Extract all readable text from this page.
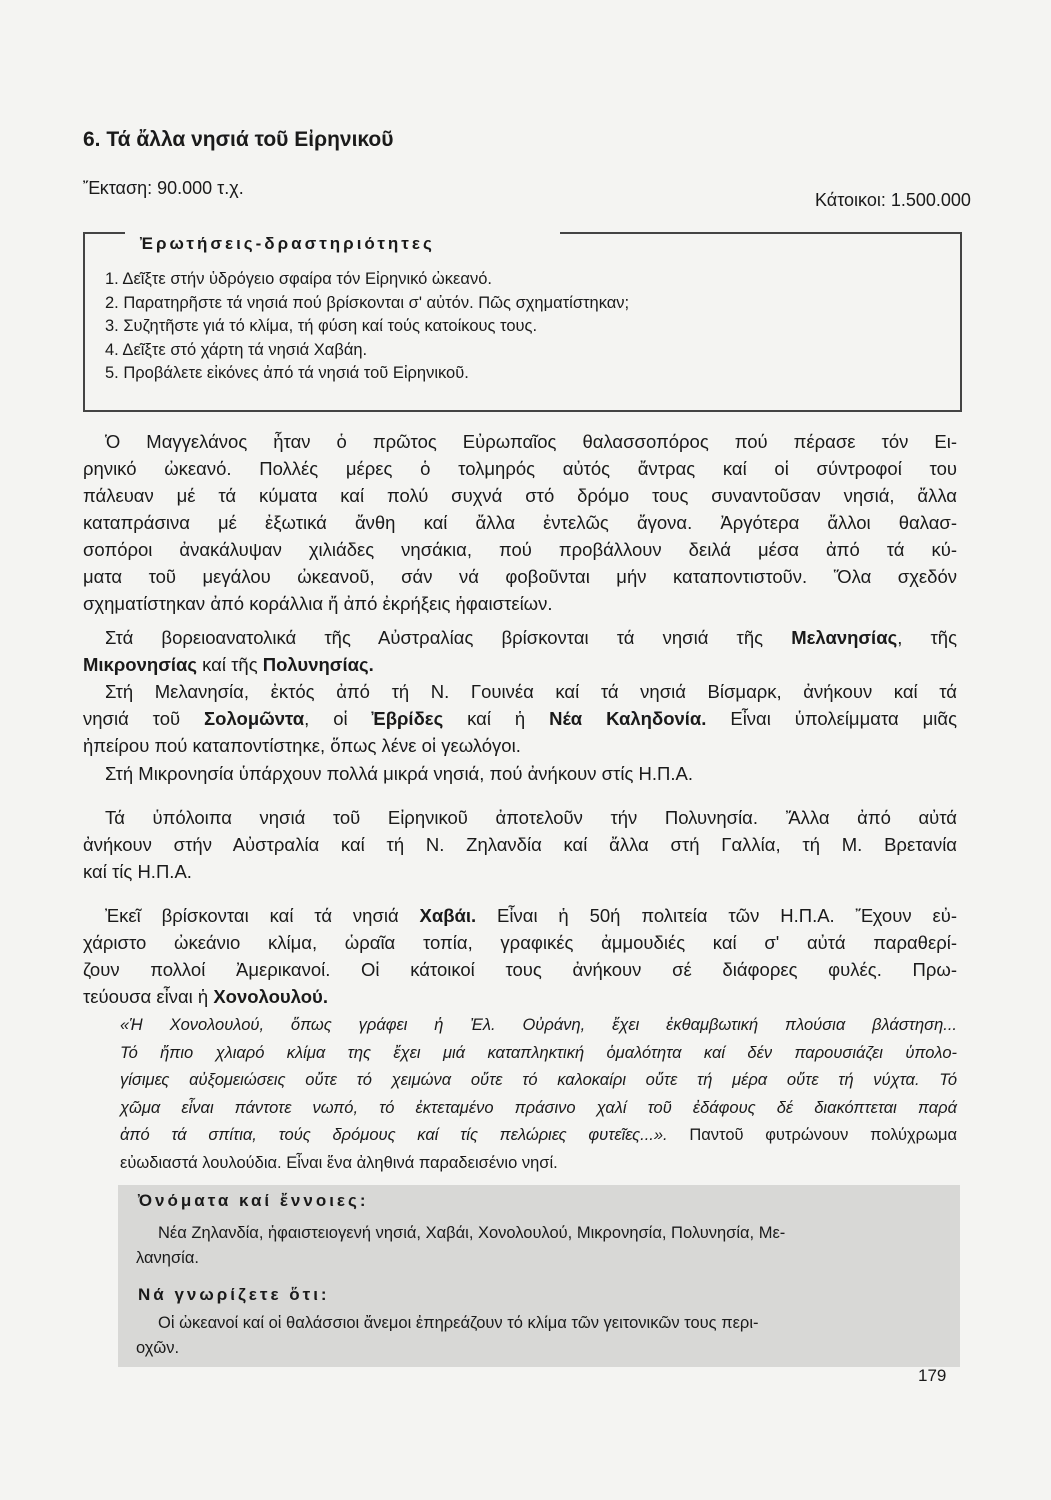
6. Τά ἄλλα νησιά τοῦ Εἰρηνικοῦ
Ἔκταση: 90.000 τ.χ.
Κάτοικοι: 1.500.000
Ἐρωτήσεις-δραστηριότητες
1. Δεῖξτε στήν ὑδρόγειο σφαίρα τόν Εἰρηνικό ὠκεανό.
2. Παρατηρῆστε τά νησιά πού βρίσκονται σ' αὐτόν. Πῶς σχηματίστηκαν;
3. Συζητῆστε γιά τό κλίμα, τή φύση καί τούς κατοίκους τους.
4. Δεῖξτε στό χάρτη τά νησιά Χαβάη.
5. Προβάλετε εἰκόνες ἀπό τά νησιά τοῦ Εἰρηνικοῦ.
Ὁ Μαγγελάνος ἦταν ὁ πρῶτος Εὐρωπαῖος θαλασσοπόρος πού πέρασε τόν Ει-
ρηνικό ὠκεανό. Πολλές μέρες ὁ τολμηρός αὐτός ἄντρας καί οἱ σύντροφοί του
πάλευαν μέ τά κύματα καί πολύ συχνά στό δρόμο τους συναντοῦσαν νησιά, ἄλλα
καταπράσινα μέ ἐξωτικά ἄνθη καί ἄλλα ἐντελῶς ἄγονα. Ἀργότερα ἄλλοι θαλασ-
σοπόροι ἀνακάλυψαν χιλιάδες νησάκια, πού προβάλλουν δειλά μέσα ἀπό τά κύ-
ματα τοῦ μεγάλου ὠκεανοῦ, σάν νά φοβοῦνται μήν καταποντιστοῦν. Ὅλα σχεδόν
σχηματίστηκαν ἀπό κοράλλια ἤ ἀπό ἐκρήξεις ἡφαιστείων.
Στά βορειοανατολικά τῆς Αὐστραλίας βρίσκονται τά νησιά τῆς Μελανησίας, τῆς
Μικρονησίας καί τῆς Πολυνησίας.
Στή Μελανησία, ἐκτός ἀπό τή Ν. Γουινέα καί τά νησιά Βίσμαρκ, ἀνήκουν καί τά
νησιά τοῦ Σολομῶντα, οἱ Ἐβρίδες καί ἡ Νέα Καληδονία. Εἶναι ὑπολείμματα μιᾶς
ἠπείρου πού καταποντίστηκε, ὅπως λένε οἱ γεωλόγοι.
Στή Μικρονησία ὑπάρχουν πολλά μικρά νησιά, πού ἀνήκουν στίς Η.Π.Α.
Τά ὑπόλοιπα νησιά τοῦ Εἰρηνικοῦ ἀποτελοῦν τήν Πολυνησία. Ἄλλα ἀπό αὐτά
ἀνήκουν στήν Αὐστραλία καί τή Ν. Ζηλανδία καί ἄλλα στή Γαλλία, τή Μ. Βρετανία
καί τίς Η.Π.Α.
Ἐκεῖ βρίσκονται καί τά νησιά Χαβάι. Εἶναι ἡ 50ή πολιτεία τῶν Η.Π.Α. Ἔχουν εὐ-
χάριστο ὠκεάνιο κλίμα, ὡραῖα τοπία, γραφικές ἀμμουδιές καί σ' αὐτά παραθερί-
ζουν πολλοί Ἀμερικανοί. Οἱ κάτοικοί τους ἀνήκουν σέ διάφορες φυλές. Πρω-
τεύουσα εἶναι ἡ Χονολουλού.
«Ἡ Χονολουλού, ὅπως γράφει ἡ Ἐλ. Οὐράνη, ἔχει ἐκθαμβωτική πλούσια βλάστηση...
Τό ἤπιο χλιαρό κλίμα της ἔχει μιά καταπληκτική ὁμαλότητα καί δέν παρουσιάζει ὑπολο-
γίσιμες αὐξομειώσεις οὔτε τό χειμώνα οὔτε τό καλοκαίρι οὔτε τή μέρα οὔτε τή νύχτα. Τό
χῶμα εἶναι πάντοτε νωπό, τό ἐκτεταμένο πράσινο χαλί τοῦ ἐδάφους δέ διακόπτεται παρά
ἀπό τά σπίτια, τούς δρόμους καί τίς πελώριες φυτεῖες...». Παντοῦ φυτρώνουν πολύχρωμα
εὐωδιαστά λουλούδια. Εἶναι ἕνα ἀληθινά παραδεισένιο νησί.
Ὀνόματα καί ἔννοιες:
Νέα Ζηλανδία, ἡφαιστειογενή νησιά, Χαβάι, Χονολουλού, Μικρονησία, Πολυνησία, Με-
λανησία.
Νά γνωρίζετε ὅτι:
Οἱ ὠκεανοί καί οἱ θαλάσσιοι ἄνεμοι ἐπηρεάζουν τό κλίμα τῶν γειτονικῶν τους περι-
οχῶν.
179
